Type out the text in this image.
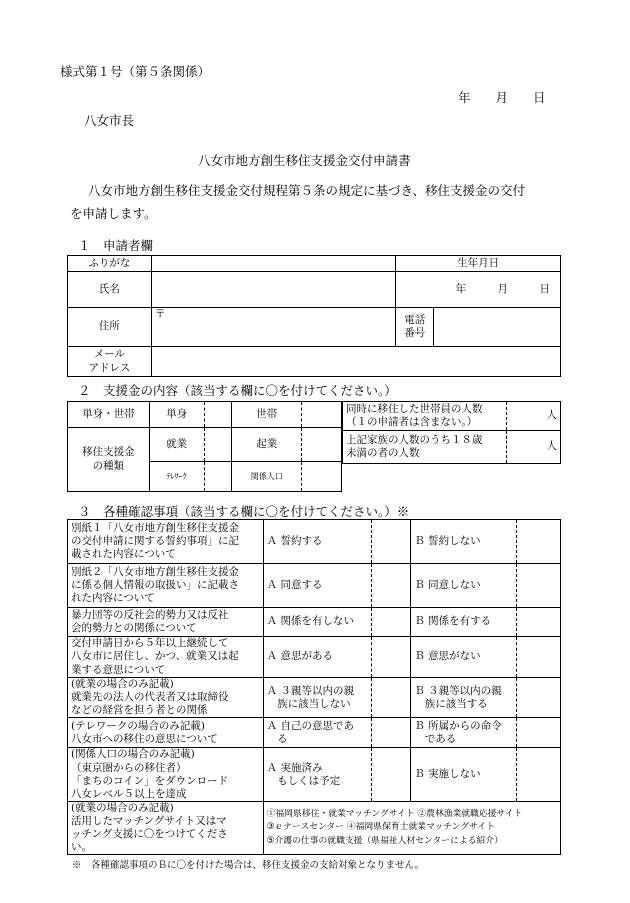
様式第１号（第５条関係）
年　　月　　日
八女市長
八女市地方創生移住支援金交付申請書
八女市地方創生移住支援金交付規程第５条の規定に基づき、移住支援金の交付
を申請します。
１　申請者欄
ふりがな		生年月日	
氏名		年　　　月　　　日	
住所	〒	電話
番号	
メール
アドレス			
２　支援金の内容（該当する欄に〇を付けてください。）
単身・世帯	単身		世帯	
移住支援金
の種類	就業		起業	
	ﾃﾚﾜｰｸ		関係人口	
同時に移住した世帯員の人数
（１の申請者は含まない。）	人
上記家族の人数のうち１８歳
未満の者の人数	人
３　各種確認事項（該当する欄に〇を付けてください。）※
別紙１「八女市地方創生移住支援金
の交付申請に関する誓約事項」に記
載された内容について	Ａ 誓約する		Ｂ 誓約しない	
別紙２「八女市地方創生移住支援金
に係る個人情報の取扱い」に記載さ
れた内容について	Ａ 同意する		Ｂ 同意しない	
暴力団等の反社会的勢力又は反社
会的勢力との関係について	Ａ 関係を有しない		Ｂ 関係を有する	
交付申請日から５年以上継続して
八女市に居住し、かつ、就業又は起
業する意思について	Ａ 意思がある		Ｂ 意思がない	
(就業の場合のみ記載)
就業先の法人の代表者又は取締役
などの経営を担う者との関係	Ａ ３親等以内の親
　族に該当しない		Ｂ ３親等以内の親
　族に該当する	
(テレワークの場合のみ記載)
八女市への移住の意思について	Ａ 自己の意思であ
　る		Ｂ 所属からの命令
　である	
(関係人口の場合のみ記載)
（東京圏からの移住者）
「まちのコイン」をダウンロード
八女レベル５以上を達成	Ａ 実施済み
　もしくは予定		Ｂ 実施しない	
(就業の場合のみ記載)
活用したマッチングサイト又はマ
ッチング支援に〇をつけてくださ
い。	①福岡県移住・就業マッチングサイト ②農林漁業就職応援サイト
③ｅナースセンター ④福岡県保育士就業マッチングサイト
⑤介護の仕事の就職支援（県福祉人材センターによる紹介）			
※　各種確認事項のＢに〇を付けた場合は、移住支援金の支給対象となりません。
